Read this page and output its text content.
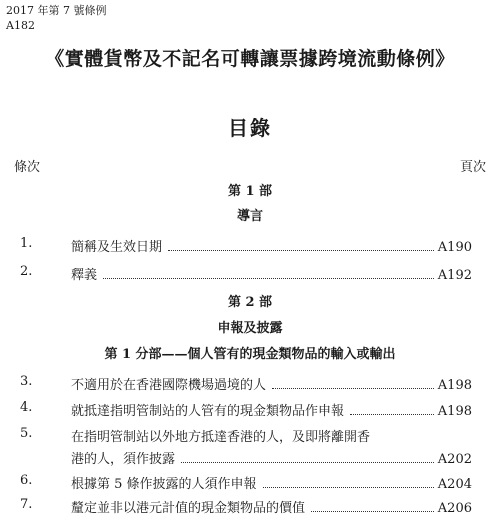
2017 年第 7 號條例
A182
《實體貨幣及不記名可轉讓票據跨境流動條例》
目錄
條次	頁次
第 1 部
導言
1.	簡稱及生效日期	A190
2.	釋義	A192
第 2 部
申報及披露
第 1 分部——個人管有的現金類物品的輸入或輸出
3.	不適用於在香港國際機場過境的人	A198
4.	就抵達指明管制站的人管有的現金類物品作申報	A198
5.	在指明管制站以外地方抵達香港的人，及即將離開香
港的人，須作披露	A202
6.	根據第 5 條作披露的人須作申報	A204
7.	釐定並非以港元計值的現金類物品的價值	A206
